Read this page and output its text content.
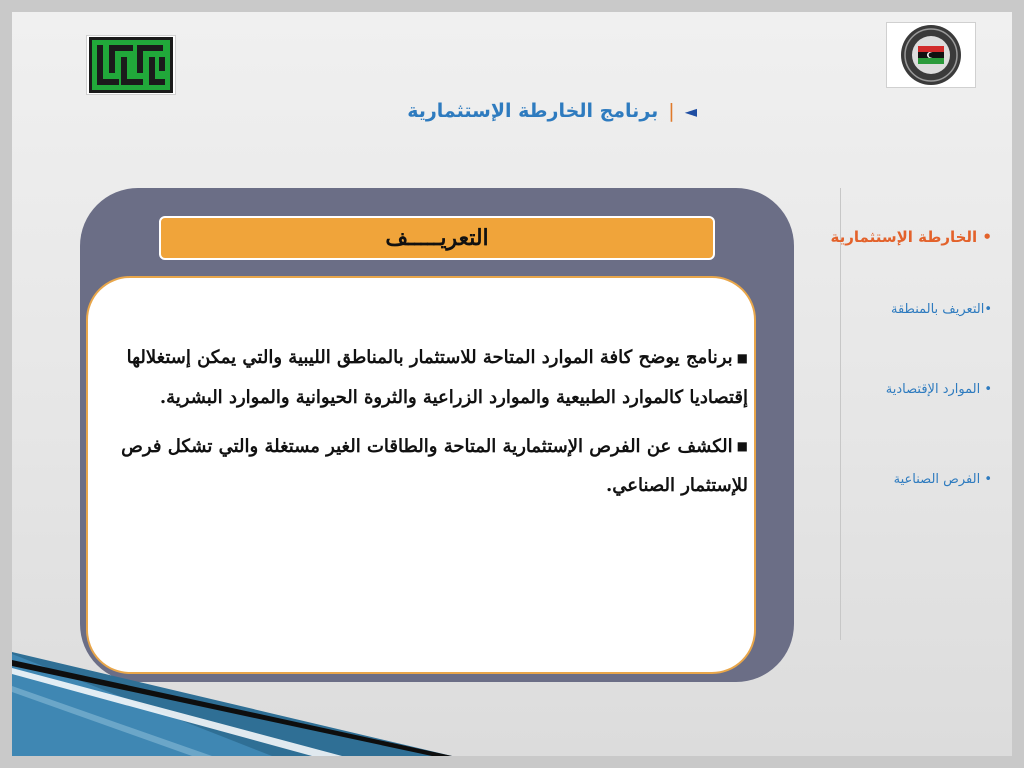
◄
|
برنامج الخارطة الإستثمارية
التعريـــــف
■برنامج يوضح كافة الموارد المتاحة للاستثمار بالمناطق الليبية والتي يمكن إستغلالها إقتصاديا كالموارد الطبيعية والموارد الزراعية والثروة الحيوانية والموارد البشرية.
■الكشف عن الفرص الإستثمارية المتاحة والطاقات الغير مستغلة والتي تشكل فرص للإستثمار الصناعي.
• الخارطة الإستثمارية
•التعريف بالمنطقة
• الموارد الإقتصادية
• الفرص الصناعية
